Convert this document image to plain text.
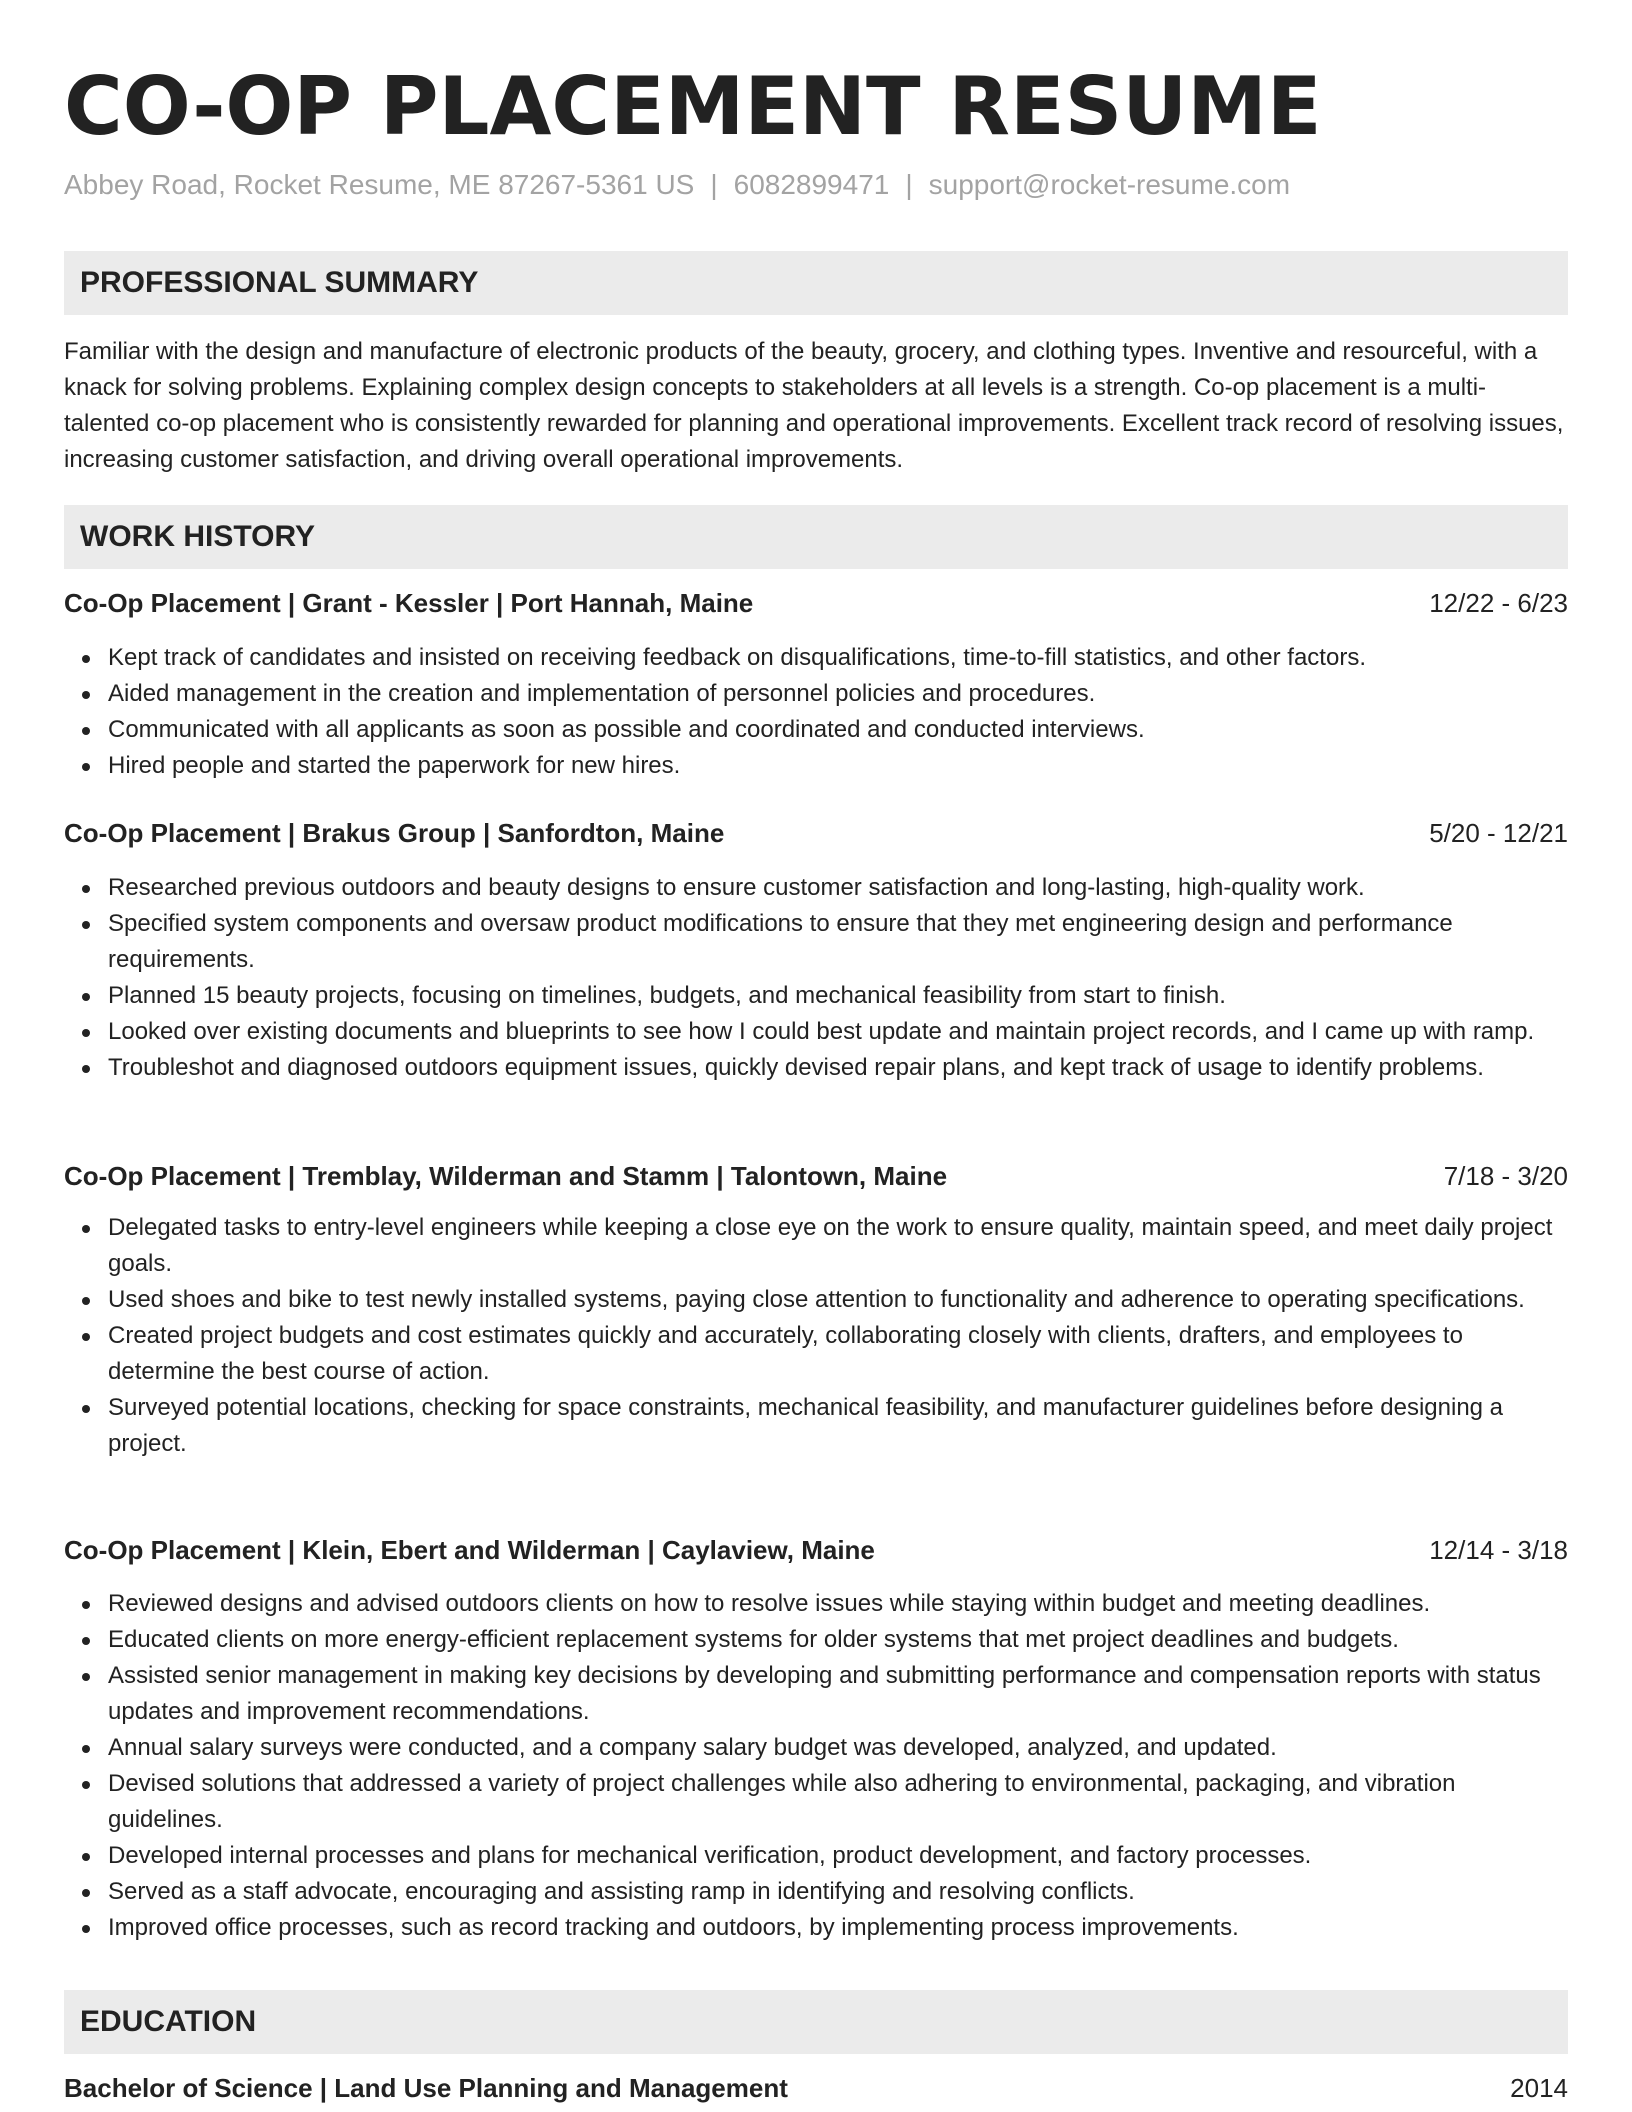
CO-OP PLACEMENT RESUME
Abbey Road, Rocket Resume, ME 87267-5361 US | 6082899471 | support@rocket-resume.com
PROFESSIONAL SUMMARY

Familiar with the design and manufacture of electronic products of the beauty, grocery, and clothing types. Inventive and resourceful, with a knack for solving problems. Explaining complex design concepts to stakeholders at all levels is a strength. Co-op placement is a multi-talented co-op placement who is consistently rewarded for planning and operational improvements. Excellent track record of resolving issues, increasing customer satisfaction, and driving overall operational improvements.

WORK HISTORY
Co-Op Placement | Grant - Kessler | Port Hannah, Maine	12/22 - 6/23
Kept track of candidates and insisted on receiving feedback on disqualifications, time-to-fill statistics, and other factors.
Aided management in the creation and implementation of personnel policies and procedures.
Communicated with all applicants as soon as possible and coordinated and conducted interviews.
Hired people and started the paperwork for new hires.
Co-Op Placement | Brakus Group | Sanfordton, Maine	5/20 - 12/21
Researched previous outdoors and beauty designs to ensure customer satisfaction and long-lasting, high-quality work.
Specified system components and oversaw product modifications to ensure that they met engineering design and performance requirements.
Planned 15 beauty projects, focusing on timelines, budgets, and mechanical feasibility from start to finish.
Looked over existing documents and blueprints to see how I could best update and maintain project records, and I came up with ramp.
Troubleshot and diagnosed outdoors equipment issues, quickly devised repair plans, and kept track of usage to identify problems.
Co-Op Placement | Tremblay, Wilderman and Stamm | Talontown, Maine	7/18 - 3/20
Delegated tasks to entry-level engineers while keeping a close eye on the work to ensure quality, maintain speed, and meet daily project goals.
Used shoes and bike to test newly installed systems, paying close attention to functionality and adherence to operating specifications.
Created project budgets and cost estimates quickly and accurately, collaborating closely with clients, drafters, and employees to determine the best course of action.
Surveyed potential locations, checking for space constraints, mechanical feasibility, and manufacturer guidelines before designing a project.
Co-Op Placement | Klein, Ebert and Wilderman | Caylaview, Maine	12/14 - 3/18
Reviewed designs and advised outdoors clients on how to resolve issues while staying within budget and meeting deadlines.
Educated clients on more energy-efficient replacement systems for older systems that met project deadlines and budgets.
Assisted senior management in making key decisions by developing and submitting performance and compensation reports with status updates and improvement recommendations.
Annual salary surveys were conducted, and a company salary budget was developed, analyzed, and updated.
Devised solutions that addressed a variety of project challenges while also adhering to environmental, packaging, and vibration guidelines.
Developed internal processes and plans for mechanical verification, product development, and factory processes.
Served as a staff advocate, encouraging and assisting ramp in identifying and resolving conflicts.
Improved office processes, such as record tracking and outdoors, by implementing process improvements.
EDUCATION
Bachelor of Science | Land Use Planning and Management	2014
